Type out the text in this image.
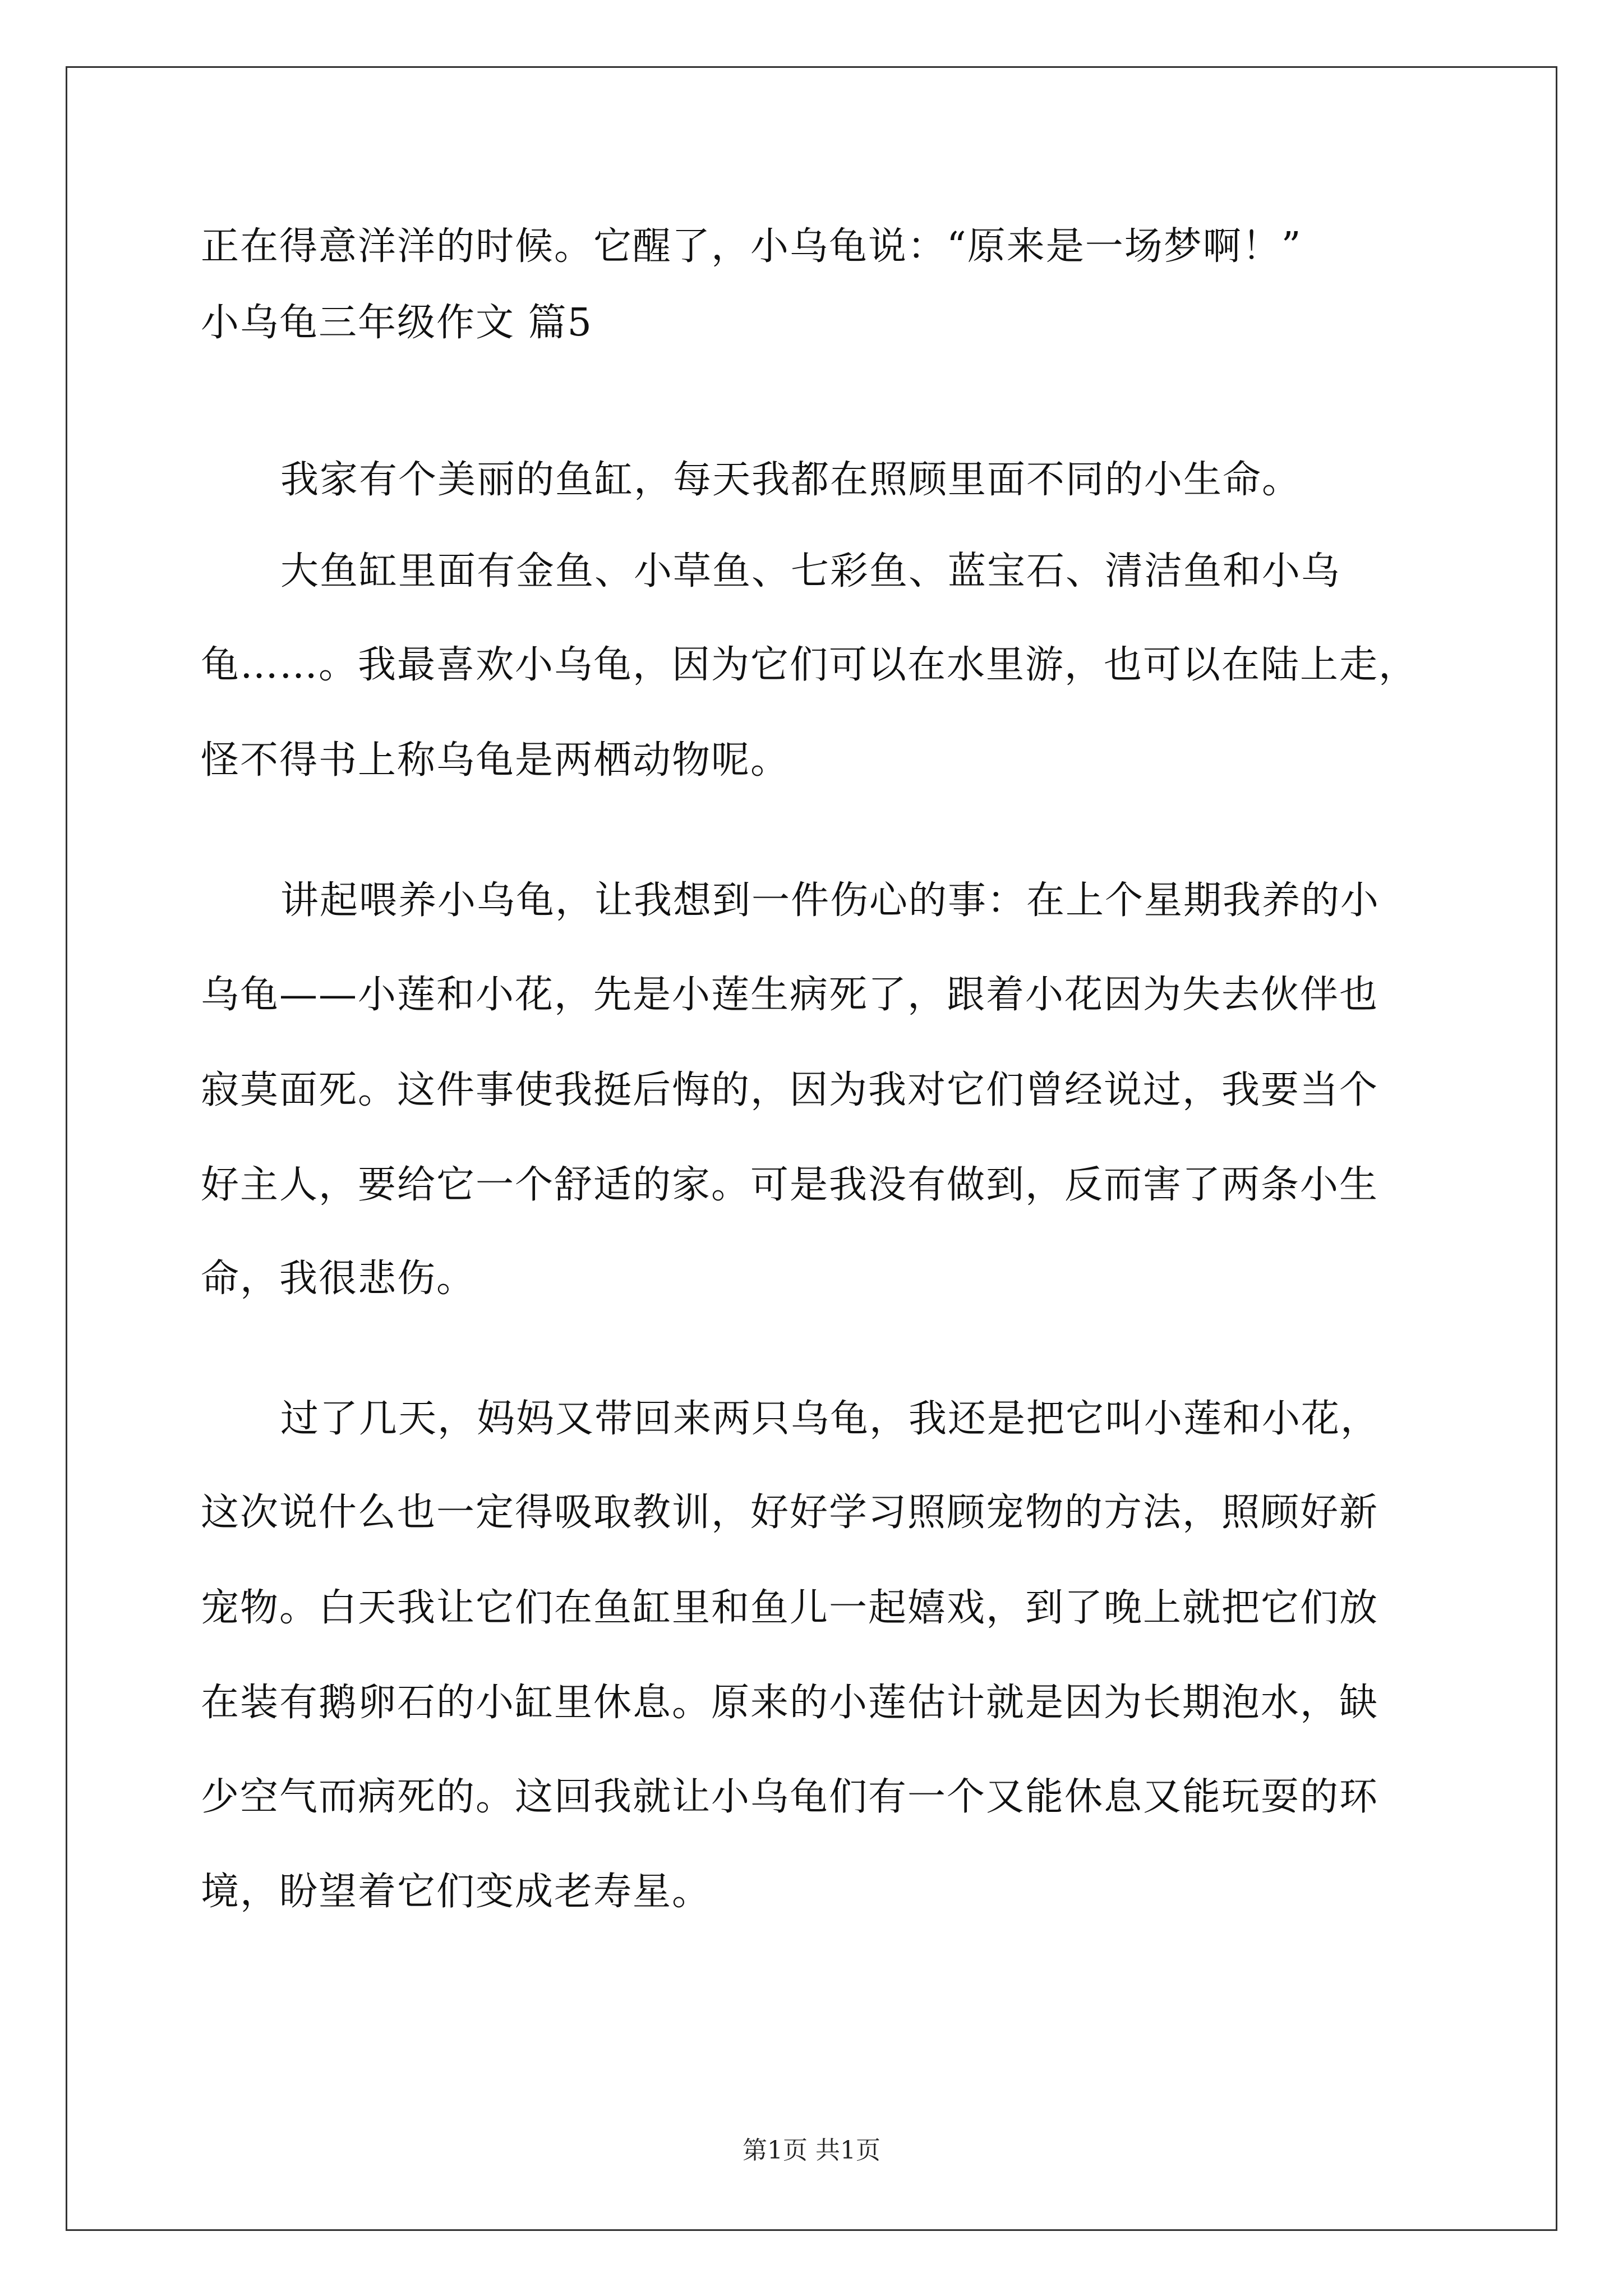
正在得意洋洋的时候。它醒了，小乌龟说：“原来是一场梦啊！”
小乌龟三年级作文 篇5
我家有个美丽的鱼缸，每天我都在照顾里面不同的小生命。
大鱼缸里面有金鱼、小草鱼、七彩鱼、蓝宝石、清洁鱼和小乌
龟……。我最喜欢小乌龟，因为它们可以在水里游，也可以在陆上走，
怪不得书上称乌龟是两栖动物呢。
讲起喂养小乌龟，让我想到一件伤心的事：在上个星期我养的小
乌龟——小莲和小花，先是小莲生病死了，跟着小花因为失去伙伴也
寂莫面死。这件事使我挺后悔的，因为我对它们曾经说过，我要当个
好主人，要给它一个舒适的家。可是我没有做到，反而害了两条小生
命，我很悲伤。
过了几天，妈妈又带回来两只乌龟，我还是把它叫小莲和小花，
这次说什么也一定得吸取教训，好好学习照顾宠物的方法，照顾好新
宠物。白天我让它们在鱼缸里和鱼儿一起嬉戏，到了晚上就把它们放
在装有鹅卵石的小缸里休息。原来的小莲估计就是因为长期泡水，缺
少空气而病死的。这回我就让小乌龟们有一个又能休息又能玩耍的环
境，盼望着它们变成老寿星。
第1页 共1页
